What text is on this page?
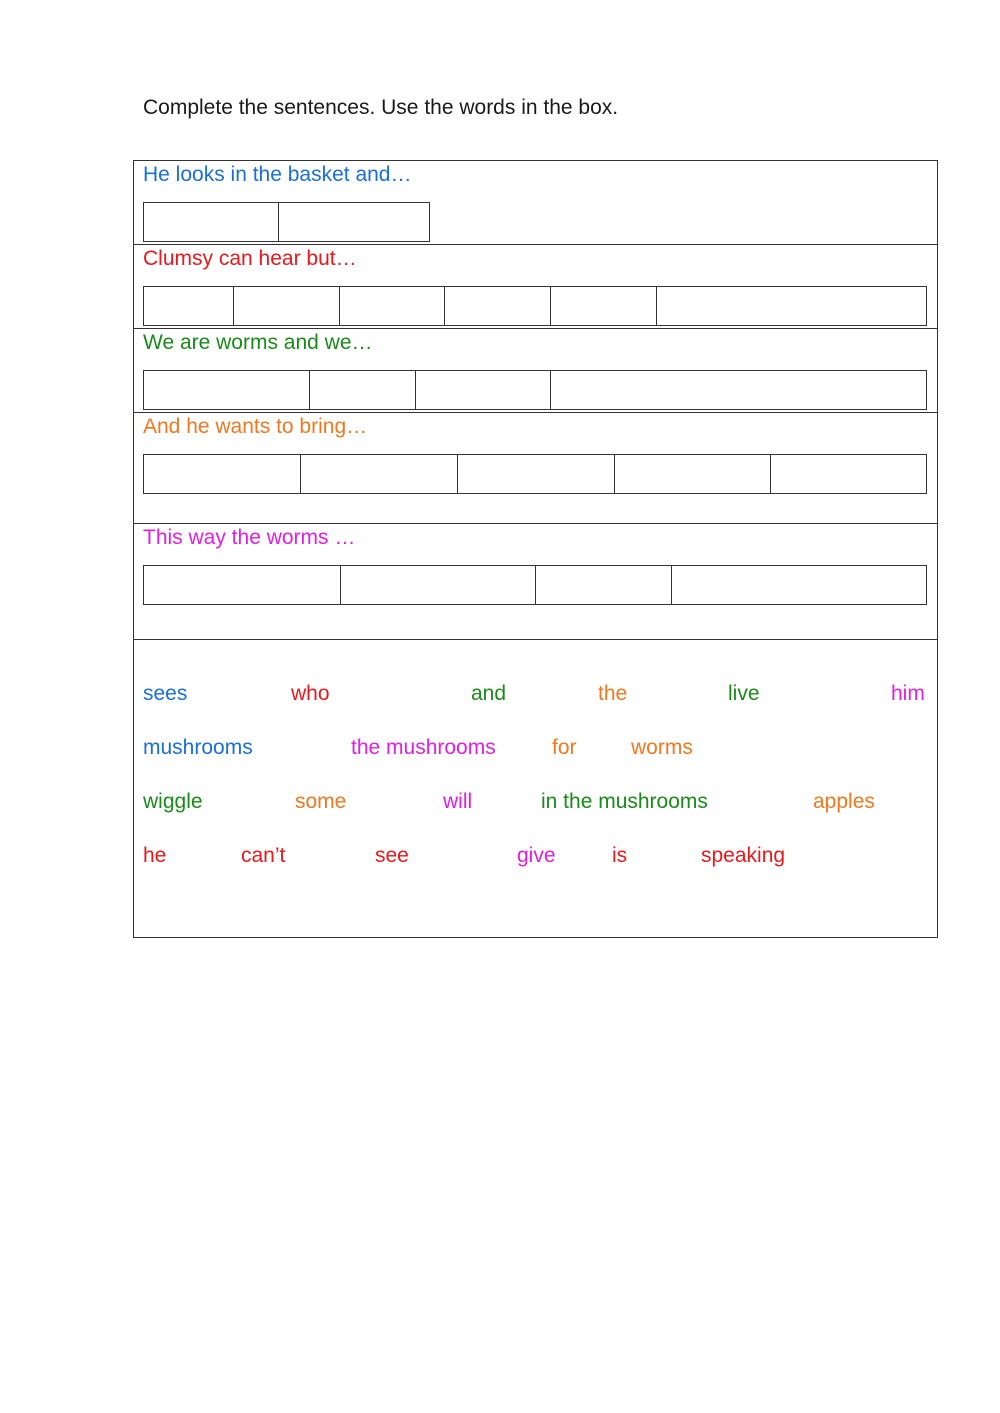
Complete the sentences. Use the words in the box.

He looks in the basket and…
Clumsy can hear but…
We are worms and we…
And he wants to bring…
This way the worms …
sees	who	and	the	live	him
mushrooms	the mushrooms	for	worms
wiggle	some	will	in the mushrooms	apples
he	can’t	see	give	is	speaking
